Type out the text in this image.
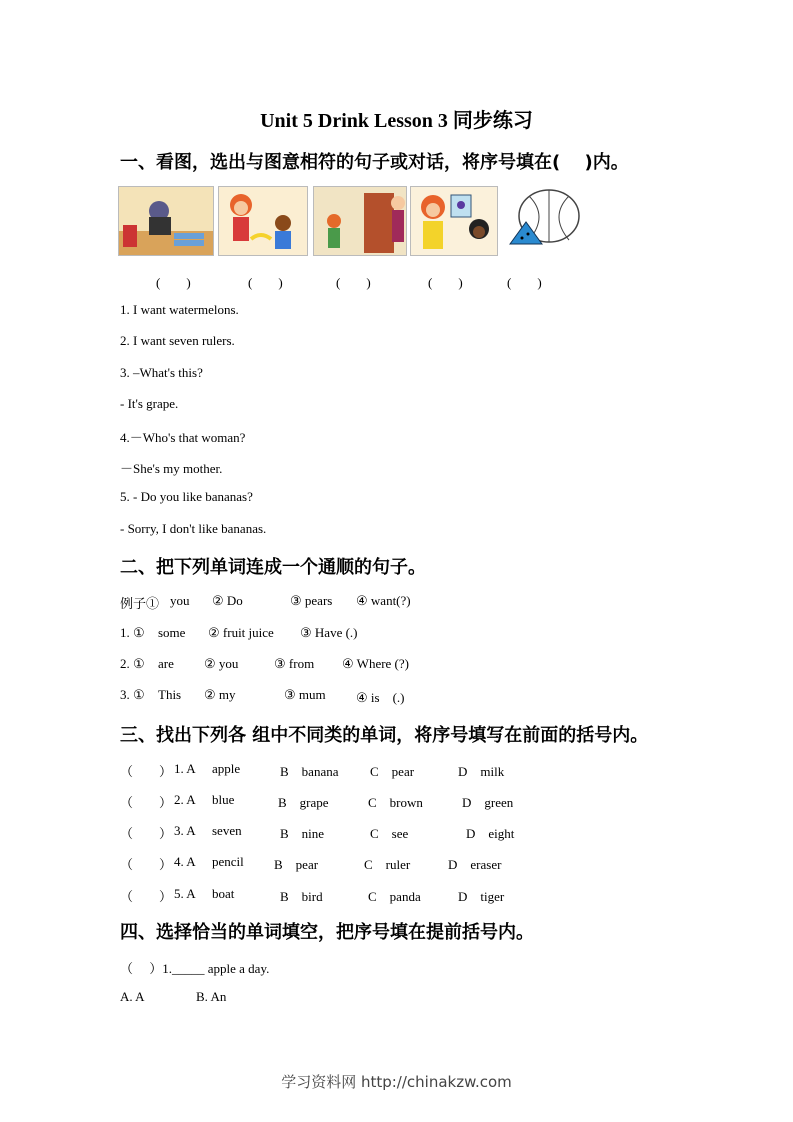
Unit 5 Drink Lesson 3 同步练习
一、看图，选出与图意相符的句子或对话，将序号填在(　 )内。
(　　)	(　　)	(　　)	(　　)	(　　)
1. I want watermelons.
2. I want seven rulers.
3. –What's this?
- It's grape.
4.－Who's that woman?
－She's my mother.
5. - Do you like bananas?
- Sorry, I don't like bananas.
二、把下列单词连成一个通顺的句子。
例子① you ② Do	③ pears ④ want(?)
1. ① some ② fruit juice ③ Have (.)
2. ① are ② you	③ from ④ Where (?)
3. ① This ② my	③ mum ④ is　(.)
三、找出下列各 组中不同类的单词，将序号填写在前面的括号内。
（　　） 1. A apple	B　banana C　pear	D　milk
（　　） 2. A blue	B　grape	C　brown	D　green
（　　） 3. A seven	B　nine	C　see	D　eight
（　　） 4. A pencil B　pear	C　ruler	D　eraser
（　　） 5. A boat	B　bird	C　panda	D　tiger
四、选择恰当的单词填空，把序号填在提前括号内。
（　 ）1._____ apple a day.
A. A	B. An
学习资料网 http://chinakzw.com
